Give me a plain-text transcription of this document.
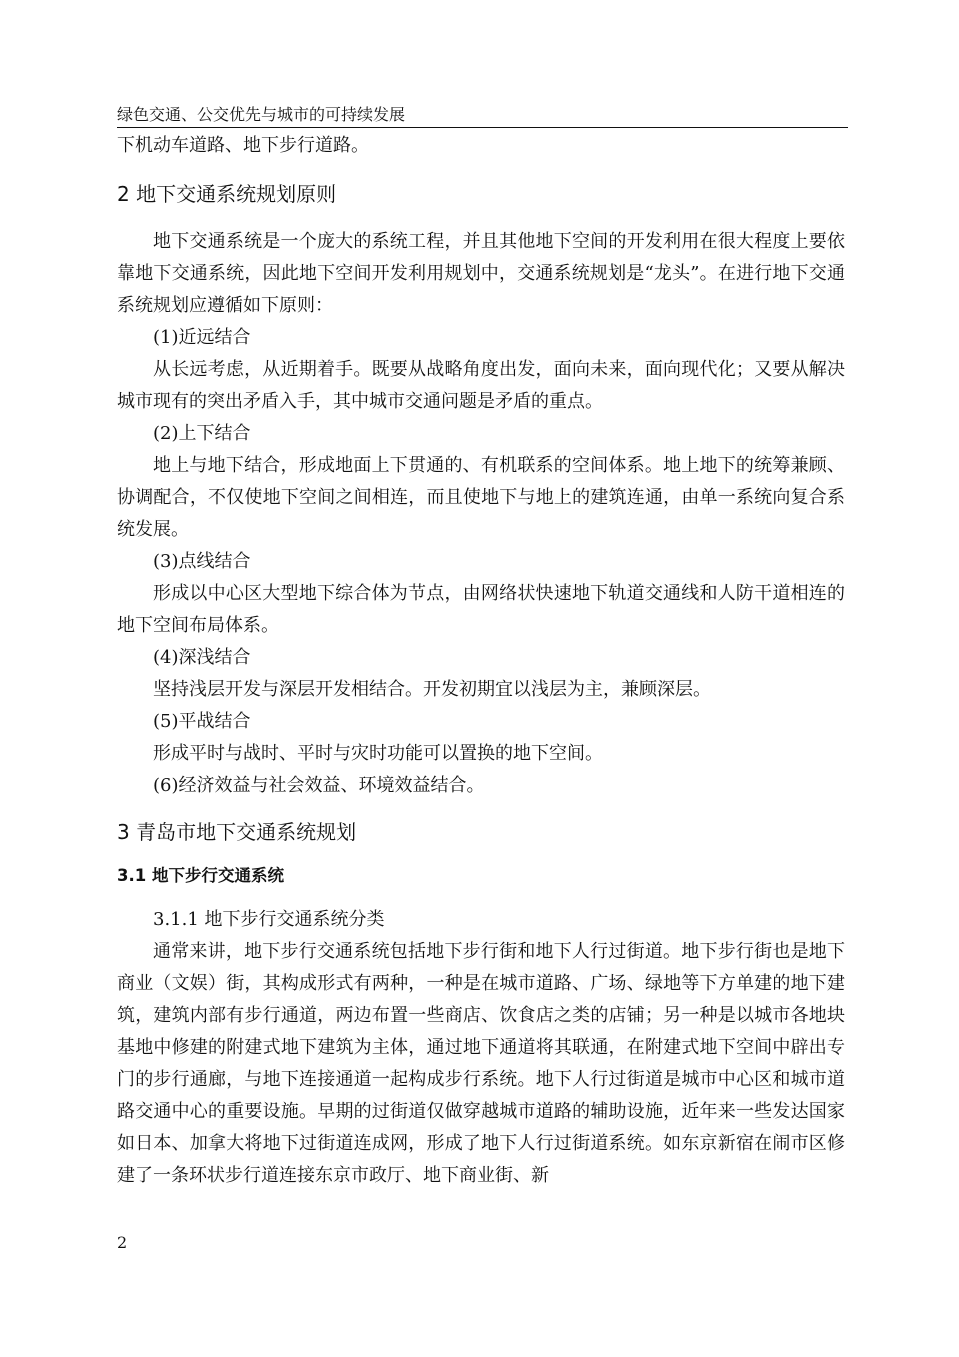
绿色交通、公交优先与城市的可持续发展

下机动车道路、地下步行道路。

2 地下交通系统规划原则

地下交通系统是一个庞大的系统工程，并且其他地下空间的开发利用在很大程度上要依靠地下交通系统，因此地下空间开发利用规划中，交通系统规划是“龙头”。在进行地下交通系统规划应遵循如下原则：

(1)近远结合

从长远考虑，从近期着手。既要从战略角度出发，面向未来，面向现代化；又要从解决城市现有的突出矛盾入手，其中城市交通问题是矛盾的重点。

(2)上下结合

地上与地下结合，形成地面上下贯通的、有机联系的空间体系。地上地下的统筹兼顾、协调配合，不仅使地下空间之间相连，而且使地下与地上的建筑连通，由单一系统向复合系统发展。

(3)点线结合

形成以中心区大型地下综合体为节点，由网络状快速地下轨道交通线和人防干道相连的地下空间布局体系。

(4)深浅结合

坚持浅层开发与深层开发相结合。开发初期宜以浅层为主，兼顾深层。

(5)平战结合

形成平时与战时、平时与灾时功能可以置换的地下空间。

(6)经济效益与社会效益、环境效益结合。

3 青岛市地下交通系统规划
3.1 地下步行交通系统

3.1.1 地下步行交通系统分类

通常来讲，地下步行交通系统包括地下步行街和地下人行过街道。地下步行街也是地下商业（文娱）街，其构成形式有两种，一种是在城市道路、广场、绿地等下方单建的地下建筑，建筑内部有步行通道，两边布置一些商店、饮食店之类的店铺；另一种是以城市各地块基地中修建的附建式地下建筑为主体，通过地下通道将其联通，在附建式地下空间中辟出专门的步行通廊，与地下连接通道一起构成步行系统。地下人行过街道是城市中心区和城市道路交通中心的重要设施。早期的过街道仅做穿越城市道路的辅助设施，近年来一些发达国家如日本、加拿大将地下过街道连成网，形成了地下人行过街道系统。如东京新宿在闹市区修建了一条环状步行道连接东京市政厅、地下商业街、新

2
